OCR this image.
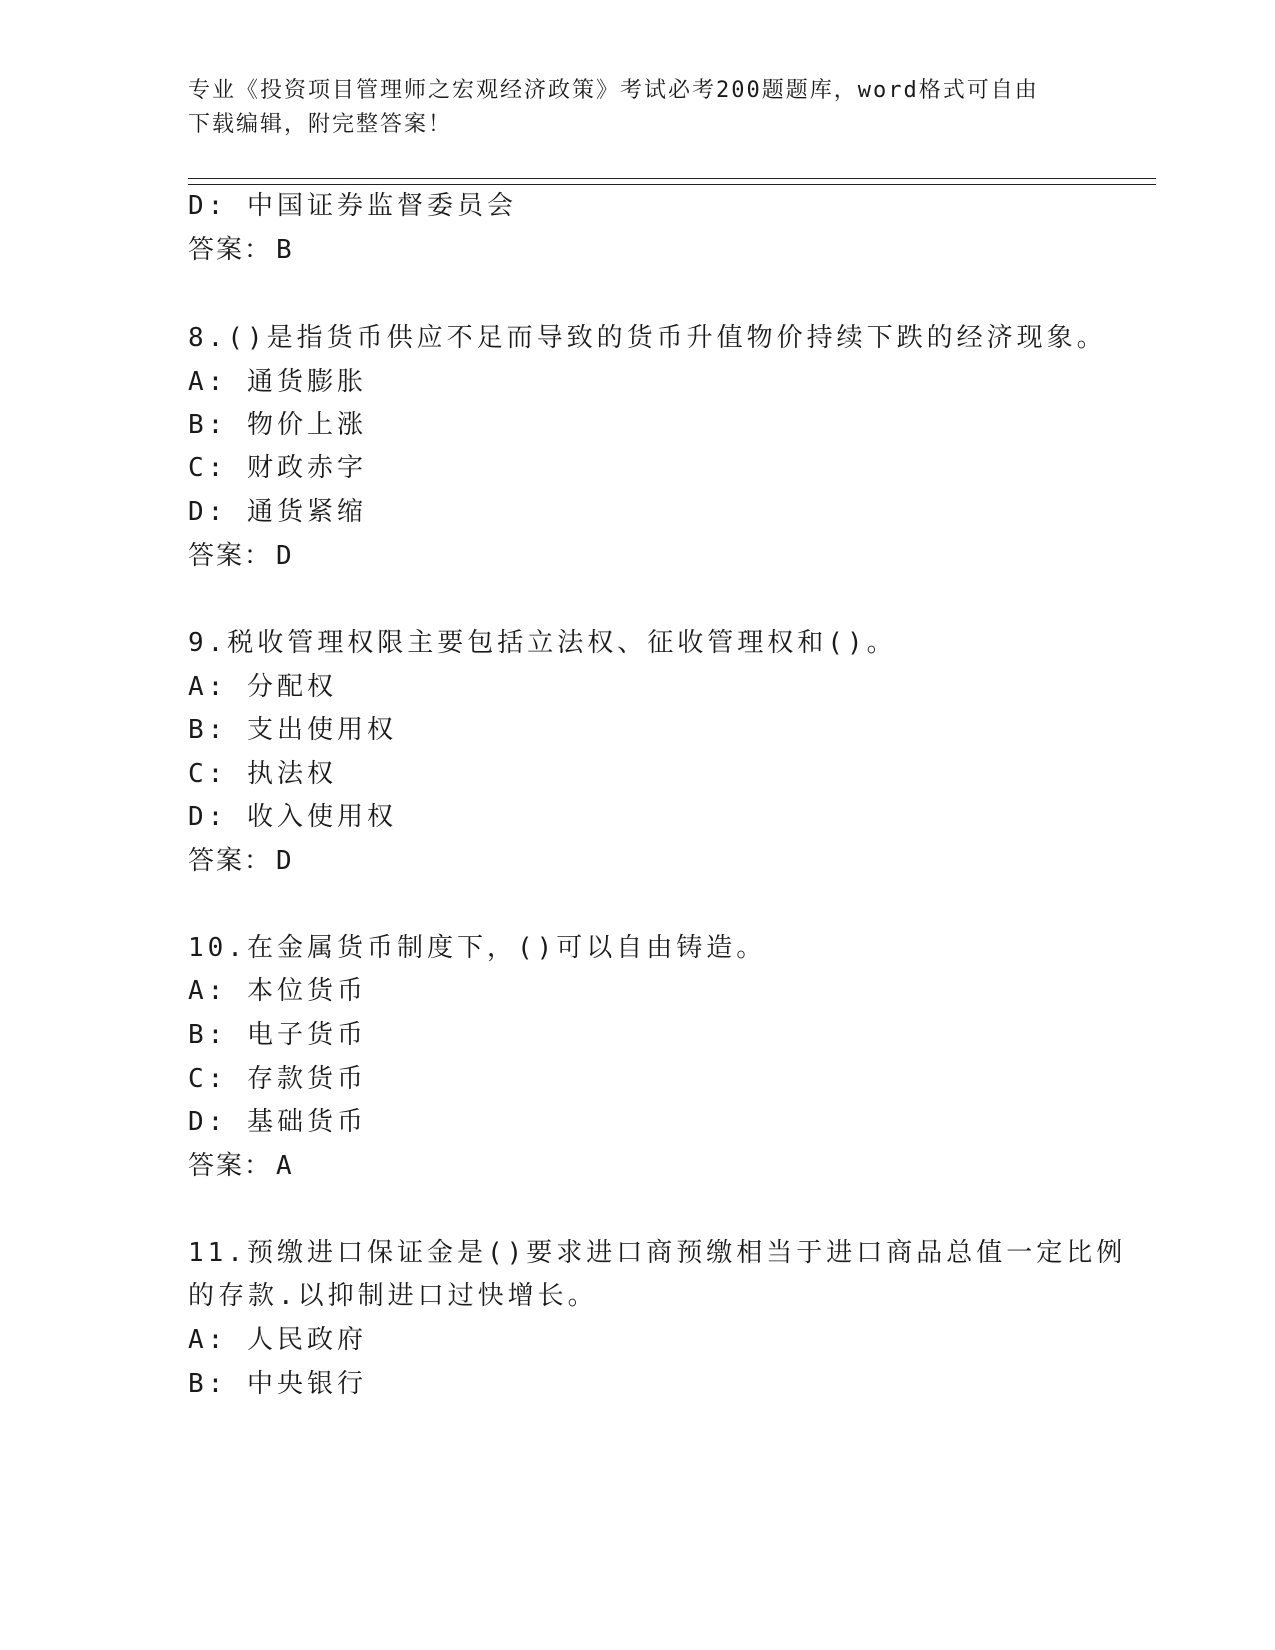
专业《投资项目管理师之宏观经济政策》考试必考200题题库，word格式可自由
下载编辑，附完整答案！
D: 中国证券监督委员会
答案： B
8.()是指货币供应不足而导致的货币升值物价持续下跌的经济现象。
A: 通货膨胀
B: 物价上涨
C: 财政赤字
D: 通货紧缩
答案： D
9.税收管理权限主要包括立法权、征收管理权和()。
A: 分配权
B: 支出使用权
C: 执法权
D: 收入使用权
答案： D
10.在金属货币制度下，()可以自由铸造。
A: 本位货币
B: 电子货币
C: 存款货币
D: 基础货币
答案： A
11.预缴进口保证金是()要求进口商预缴相当于进口商品总值一定比例
的存款.以抑制进口过快增长。
A: 人民政府
B: 中央银行
